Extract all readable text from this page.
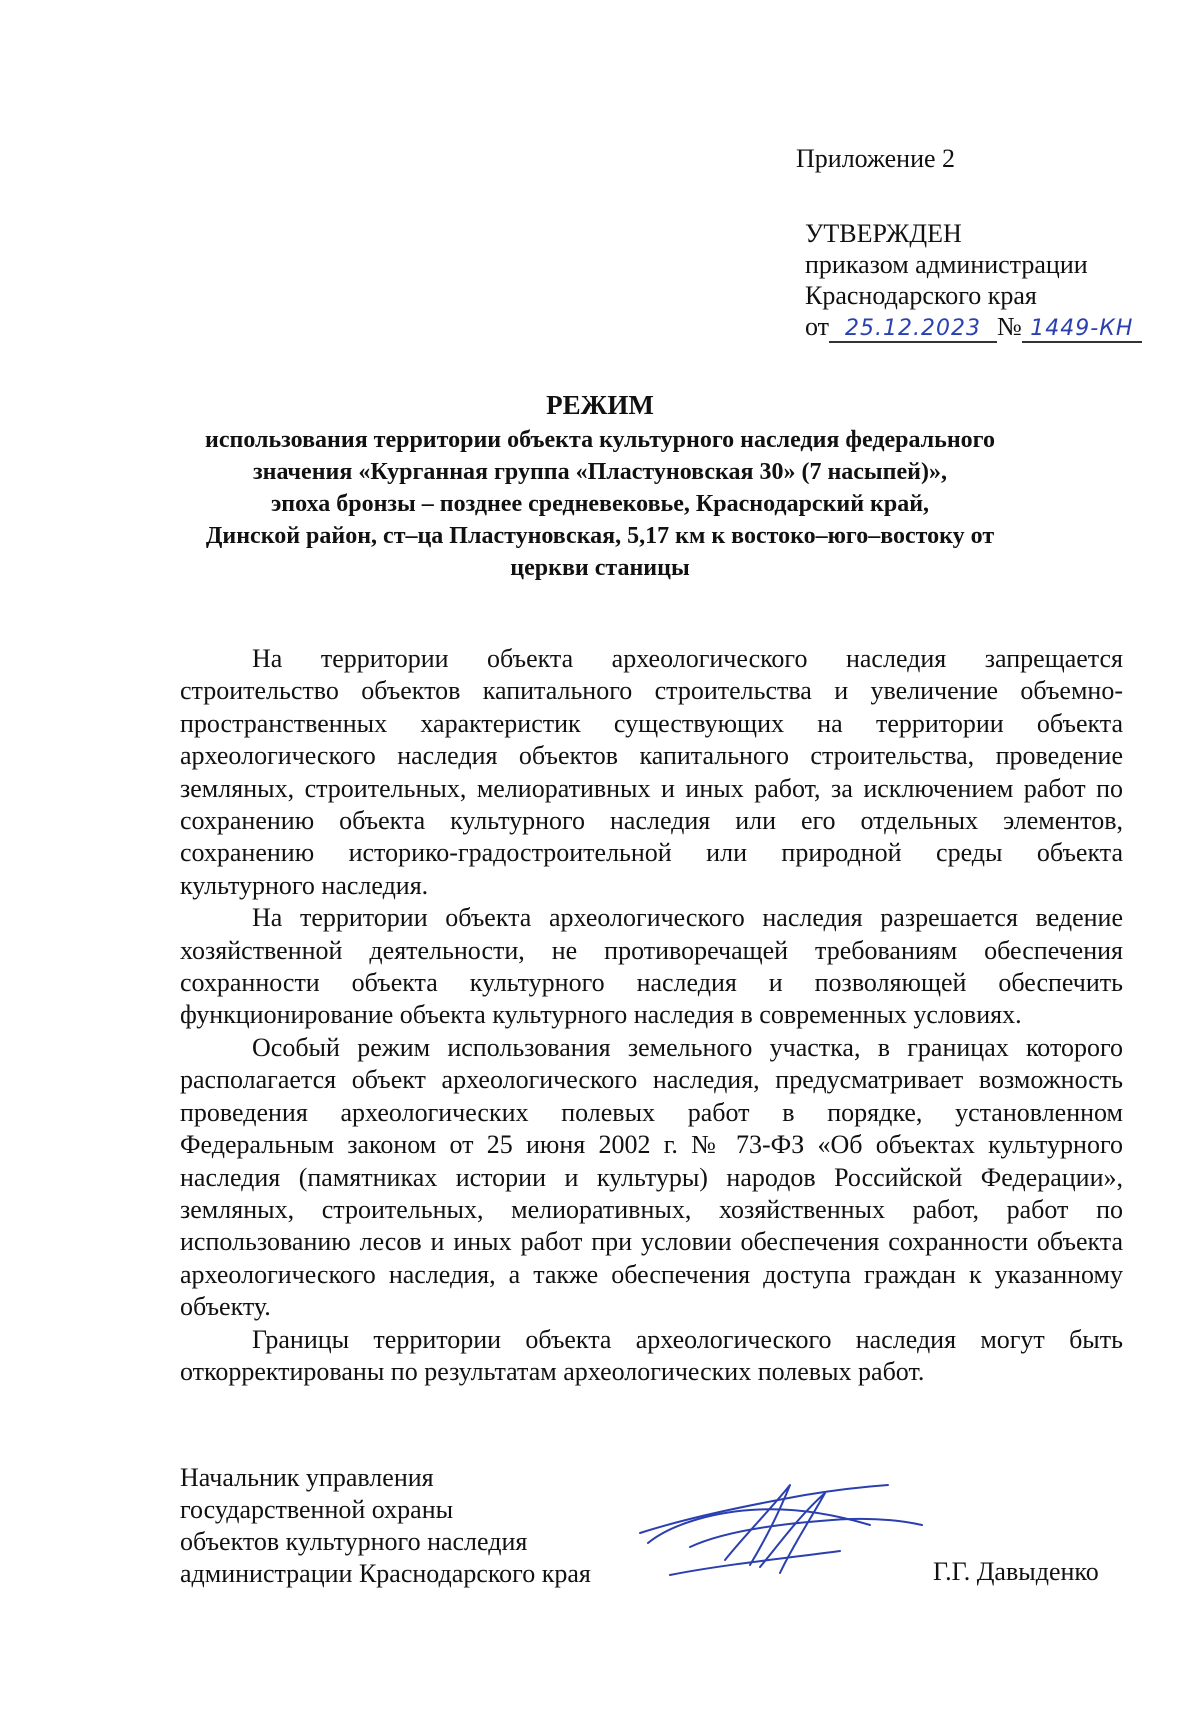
Приложение 2
УТВЕРЖДЕН
приказом администрации
Краснодарского края
от 25.12.2023 № 1449-КН
РЕЖИМ
использования территории объекта культурного наследия федерального
значения «Курганная группа «Пластуновская 30» (7 насыпей)»,
эпоха бронзы – позднее средневековье, Краснодарский край,
Динской район, ст–ца Пластуновская, 5,17 км к востоко–юго–востоку от
церкви станицы

На территории объекта археологического наследия запрещается строительство объектов капитального строительства и увеличение объемно-пространственных характеристик существующих на территории объекта археологического наследия объектов капитального строительства, проведение земляных, строительных, мелиоративных и иных работ, за исключением работ по сохранению объекта культурного наследия или его отдельных элементов, сохранению историко-градостроительной или природной среды объекта культурного наследия.

На территории объекта археологического наследия разрешается ведение хозяйственной деятельности, не противоречащей требованиям обеспечения сохранности объекта культурного наследия и позволяющей обеспечить функционирование объекта культурного наследия в современных условиях.

Особый режим использования земельного участка, в границах которого располагается объект археологического наследия, предусматривает возможность проведения археологических полевых работ в порядке, установленном Федеральным законом от 25 июня 2002 г. № 73-ФЗ «Об объектах культурного наследия (памятниках истории и культуры) народов Российской Федерации», земляных, строительных, мелиоративных, хозяйственных работ, работ по использованию лесов и иных работ при условии обеспечения сохранности объекта археологического наследия, а также обеспечения доступа граждан к указанному объекту.

Границы территории объекта археологического наследия могут быть откорректированы по результатам археологических полевых работ.

Начальник управления
государственной охраны
объектов культурного наследия
администрации Краснодарского края	Г.Г. Давыденко
